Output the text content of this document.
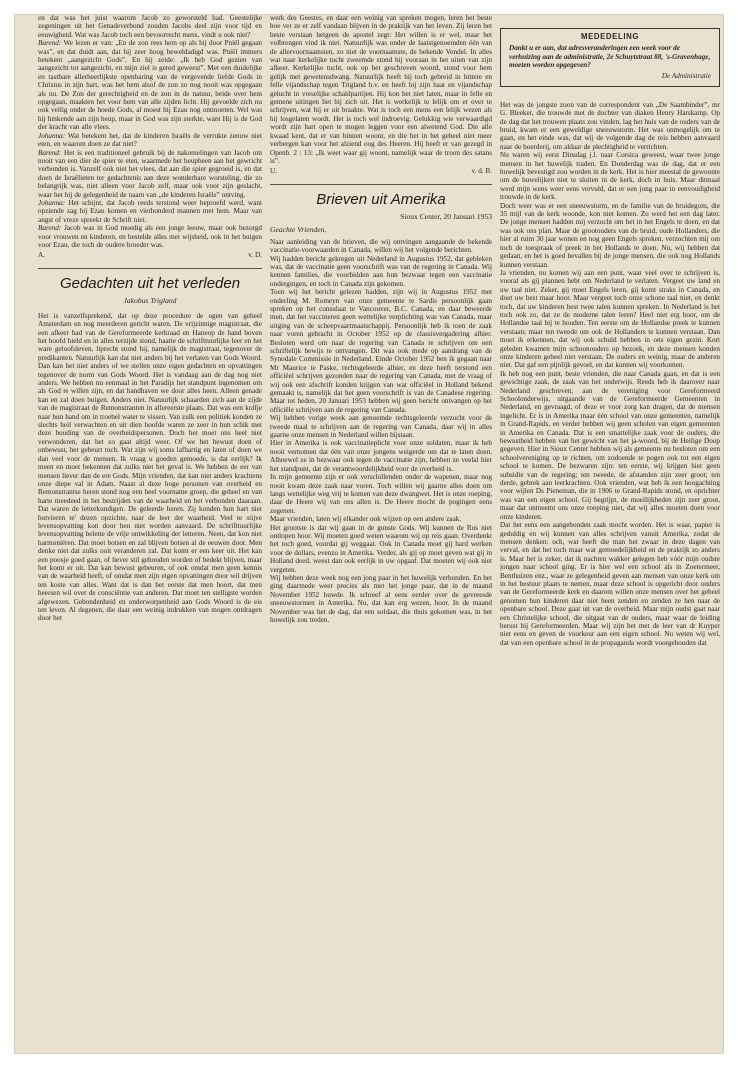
en dat was het juist waarom Jacob zo geworsteld had. Geestelijke zegeningen uit het Genadeverbond zouden Jacobs deel zijn voor tijd en eeuwigheid. Wat was Jacob toch een bevoorrecht mens, vindt u ook niet?

Barend: We lezen er van: „En de zon rees hem op als hij door Pniël gegaan was”, en dat duidt aan, dat hij zeer hoog beweldadigd was. Pniël immers betekent „aangezicht Gods”. En hij zeide: „Ik heb God gezien van aangezicht tot aangezicht, en mijn ziel is gered geweest”. Met een duidelijke en tastbare allerheerlijkste openbaring van de vergevende liefde Gods in Christus in zijn hart, was het hem alsof de zon zo nog nooit was opgegaan als nu. De Zon der gerechtigheid en de zon in de natuur, beide over hem opgegaan, maakten het voor hem van alle zijden licht. Hij gevoelde zich nu ook veilig onder de hoede Gods, al moest hij Ezau nog ontmoeten. Wel was hij hinkende aan zijn heup, maar in God was zijn sterkte, want Hij is de God der kracht van alle vlees.

Johanna: Wat betekent het, dat de kinderen Israëls de verrukte zenuw niet eten, en waarom doen ze dat niet?

Barend: Het is een traditioneel gebruik bij de nakomelingen van Jacob om nooit van een dier de spier te eten, waarmede het heupbeen aan het gewricht verbonden is. Vanzelf ook niet het vlees, dat aan die spier gegroeid is, en dat doen de Israëlieten ter gedachtenis aan deze wonderbare worsteling, die zo belangrijk was, niet alleen voor Jacob zelf, maar ook voor zijn geslacht, waar het hij de gelegenheid de naam van „de kinderen Israëls” ontving.

Johanna: Het schijnt, dat Jacob reeds terstond weer beproefd werd, want opziende zag hij Ezau komen en vierhonderd mannen met hem. Maar van angst of vreze spreekt de Schrift niet.

Barend: Jacob was in God moedig als een jonge leeuw, maar ook bezorgd voor vrouwen en kinderen, en bestelde alles met wijsheid, ook in het buigen voor Ezau, die toch de oudere broeder was.

A.	v. D.
Gedachten uit het verleden
Jakobus Trigland

Het is vanzelfsprekend, dat op deze procedure de ogen van geheel Amsterdam en nog meerderen gericht waren. De vrijzinnige magistraat, die een afkeer had van de Gereformeerde kerkraad en Haneop de hand boven het hoofd hield en in alles terzijde stond, haatte de schrifttuurlijke leer en het ware geloofsleven, liprecht stond hij, namelijk de magistraat, tegenover de predikanten. Natuurlijk kan dat niet anders bij het verlaten van Gods Woord. Dan kan het niet anders of we stellen onze eigen gedachten en opvattingen tegenover de norm van Gods Woord. Het is vandaag aan de dag nog niet anders. We hebben nu eenmaal in het Paradijs het standpunt ingenomen om als God te willen zijn, en dat handhaven we door alles heen. Alleen genade kan en zal doen buigen. Anders niet. Natuurlijk schaarden zich aan de zijde van de magistraat de Remonstranten in allereerste plaats. Dat was een kolfje naar hun hand om in troebel water te vissen. Van zulk een politiek konden ze slechts heil verwachten en uit dien hoofde waren ze zeer in hun schik met deze houding van de overheidspersonen. Doch het moet ons heel niet verwonderen, dat het zo gaat altijd weer. Of we het bewust doen of onbewust, het gebeurt toch. Wat zijn wij soms lafhartig en laten of doen we dan veel voor de mensen. Ik vraag u goeden gemoede, is dat eerlijk? Ik meen en moet bekennen dat zulks niet het geval is. We hebben de eer van mensen liever dan de ere Gods. Mijn vrienden, dat kan niet anders krachtens onze diepe val in Adam. Naast al deze hoge personen van overheid en Remonstrantse heren stond nog een heel voorname groep, die geheel en van harte meedeed in het bestrijden van de waarheid en het verbonden daaraan. Dat waren de letterkundigen. De geleerde heren. Zij konden hun hart niet botvieren te' dezen opzichte, naar de leer der waarheid. Veel te stijve levensopvatting kon door hen niet worden aanvaard. De schrifttuurlijke levensopvatting belette de vrije ontwikkeling der letteren. Neen, dat kon niet harmoniëren. Dat moet botsen en zal blijven botsen al de eeuwen door. Men denke niet dat zulks ooit veranderen zal. Dat komt er een keer uit. Het kan een poosje goed gaan, of liever stil gehouden worden of bedekt blijven, maar het komt er uit. Dat kan bewust gebeuren, of ook omdat men geen kennis van de waarheid heeft, of omdat men zijn eigen opvattingen door wil drijven ten koste van alles. Want dat is dan het eerste dat men hoort, dat men heersen wil over de consciëntie van anderen. Dat moet ten stelligste worden afgewezen. Gebondenheid en onderworpenheid aan Gods Woord is de eis ten leven. Al degenen, die daar een weinig indrukken van mogen ontdragen door het

werk des Geestes, en daar een weinig van spreken mogen, leren het beste hoe ver ze er zelf vandaan blijven in de praktijk van het leven. Zij leren het beste verstaan hetgeen de apostel zegt: Het willen is er wel, maar het volbrengen vind ik niet. Natuurlijk was onder de laatstgenoemden één van de allervoornaamsten, zo niet de voornaamste, de bekende Vondel. In alles wat naar kerkelijke tucht zweemde stond hij vooraan in het uiten van zijn afkeer. Kerkelijke tucht, ook op het geschreven woord, stond voor hem gelijk met gewetensdwang. Natuurlijk heeft hij toch gebreid in bittere en felle vijandschap tegen Trigland h.v. en heeft hij zijn haat en vijandschap gelucht in vreselijke schaldpartijen. Hij kon het niet laten, maar in felle en gemene uitingen liet hij zich uit. Het is werkelijk te lelijk om er over te schrijven, wat hij er uit braakte. Wat is toch een mens een lelijk wezen als hij losgelaten wordt. Het is toch wel indroevig. Gelukkig wie verwaardigd wordt zijn hart open te mogen leggen voor een alwetend God. Die alle kwaad kent, dat er van binnen woont, en die het in het geheel niet meer verbergen kan voor het alziend oog des Heeren. Hij heeft er van gezegd in Openb. 2 : 13: „Ik weet waar gij woont, namelijk waar de troon des satans is”.

U.	v. d. B.
Brieven uit Amerika
Sioux Center, 20 Januari 1953
Geachte Vrienden,

Naar aanleiding van de brieven, die wij ontvingen aangaande de bekende vaccinatie-voorwaarden in Canada, willen wij het volgende berichten.

Wij hadden bericht gekregen uit Nederland in Augustus 1952, dat gebleken was, dat de vaccinatie geen voorschrift was van de regering in Canada. Wij kennen families, die voorbidden aan hun bezwaar tegen een vaccinatie ondergingen, en toch in Canada zijn gekomen.

Toen wij het bericht gelezen hadden, zijn wij in Augustus 1952 met onderling M. Romeyn van onze gemeente te Sardis persoonlijk gaan spreken op het consulaat te Vancouver, B.C. Canada, en daar beweerde men, dat het vaccineren geen wettelijke verplichting was van Canada, maar uitging van de scheepvaartmaatschappij. Persoonlijk heb ik toen de zaak naar voren gebracht in October 1952 op de classisvergadering alhier. Besloten werd om naar de regering van Canada te schrijven om een schriftelijk bewijs te ontvangen. Dit was ook mede op aandrang van de Synodale Commissie in Nederland. Einde October 1952 ben ik gegaan naar Mr Maurice te Paske, rechtsgeleerde alhier, en deze heeft terstond een officiëel schrijven gezonden naar de regering van Canada, met de vraag of wij ook een afschrift konden krijgen van wat officiëel in Holland bekend gemaakt is, namelijk dat het geen voorschrift is van de Canadese regering. Maar tot heden, 20 Januari 1953 hebben wij geen bericht ontvangen op het officiële schrijven aan de regering van Canada.

Wij hebben vorige week aan genoemde rechtsgeleerde verzocht voor de tweede maal te schrijven aan de regering van Canada, daar wij in alles gaarne onze mensen in Nederland willen bijstaan.

Hier in Amerika is ook vaccinatieplicht voor onze soldaten, maar ik heb nooit vernomen dat één van onze jongens weigerde om dat te laten doen. Alhoewel ze in bezwaar ook tegen de vaccinatie zijn, hebben ze veelal hier het standpunt, dat de verantwoordelijkheid voor de overheid is.

In mijn gemeente zijn er ook verschillenden onder de wapenen, maar nog nooit kwam deze zaak naar voren. Toch willen wij gaarne alles doen om langs wettelijke weg vrij te komen van deze dwangwet. Het is onze roeping, daar de Heere wij van ons allen is. De Heere mocht de pogingen eens zegenen.

Maar vrienden, laten wij elkander ook wijzen op een andere zaak.

Het grootste is dat wij gaan in de gunste Gods. Wij kunnen de Rus niet ontlopen hoor. Wij moeten goed weten waarom wij op reis gaan. Overdenkt het toch goed, voordat gij weggaat. Ook in Canada moet gij hard werken voor de dollars, evenzo in Amerika. Verder, als gij op moet geven wat gij in Holland deed, weest dan ook eerlijk in uw opgaaf. Dat moeten wij ook niet vergeten.

Wij hebben deze week nog een jong paar in het huwelijk verbonden. En het ging daarmede weer precies als met het jonge paar, dat in de maand November 1952 huwde. Ik schreef al eens eerder over de gevreesde sneeuwstormen in Amerika. Nu, dat kan erg wezen, hoor. In de maand November was het de dag, dat een soldaat, die thuis gekomen was, in het huwelijk zou treden.

MEDEDELING

Dankt u er aan, dat adresveranderingen een week voor de verhuizing aan de administratie, 2e Schuytstraat 88, 's-Gravenhage, moeten worden opgegeven?

De Administratie

Het was de jongste zoon van de correspondent van „De Saambinder”, mr G. Bleeker, die trouwde met de dochter van diaken Henry Harskamp. Op de dag dat het trouwen plaats zou vinden, lag het huis van de ouders van de bruid, kwam er een geweldige sneeuwstorm. Het was onmogelijk om te gaan, en het einde was, dat wij de volgende dag de reis hebben aanvaard naar de boerderij, om aldaar de plechtigheid te verrichten.

Nu waren wij eerst Dinsdag j.l. naar Corsica geweest, waar twee jonge mensen in het huwelijk traden. En Donderdag was de dag, dat er een huwelijk bevestigd zou worden in de kerk. Het is hier meestal de gewoonte om de huwelijken niet te sluiten in de kerk, doch in huis. Maar ditmaal werd mijn wens weer eens vervuld, dat er een jong paar in eenvoudigheid trouwde in de kerk.

Doch weer was er een sneeuwstorm, en de familie van de bruidegom, die 35 mijl van de kerk woonde, kon niet komen. Zo werd het een dag later. De jonge mensen hadden mij verzocht om het in het Engels te doen, en dat was ook ons plan. Maar de grootouders van de bruid, oude Hollanders, die hier al ruim 30 jaar wonen en nog geen Engels spreken, verzochten mij om toch de toespraak of preek in het Hollands te doen. Nu, wij hebben dat gedaan, en het is goed bevallen bij de jonge mensen, die ook nog Hollands kunnen verstaan.

Ja vrienden, nu komen wij aan een punt, waar veel over te schrijven is, vooral als gij plannen hebt om Nederland te verlaten. Vergeet uw land en uw taal niet. Zeker, gij moet Engels leren, gij komt straks in Canada, en doet uw best maar hoor. Maar vergeet toch onze schone taal niet, en denkt toch, dat uw kinderen best twee talen kunnen spreken. In Nederland is het toch ook zo, dat ze de moderne talen leren? Heel niet erg hoor, om de Hollandse taal bij te houden. Ten eerste om de Hollandse preek te kunnen verstaan; maar ten tweede om ook de Hollanders te kunnen verstaan. Dan moet ik erkennen, dat wij ook schuld hebben in ons eigen gezin. Kort geleden kwamen mijn schoonouders op bezoek, en deze mensen konden onze kinderen geheel niet verstaan. De ouders en weinig, maar de anderen niet. Dat gaf een pijnlijk gevoel, en dat kunnen wij voorkomen.

Ik heb nog een punt, beste vrienden, die naar Canada gaan, en dat is een gewichtige zaak, de zaak van het onderwijs. Reeds heb ik daarover naar Nederland geschreven, aan de vereniging voor Gereformeerd Schoolonderwijs, uitgaande van de Gereformeerde Gemeenten in Nederland, en gevraagd, of deze er voor zorg kan dragen, dat de mensen ingelicht. Er is in Amerika maar één school van onze gemeenten, namelijk in Grand-Rapids, en verder hebben wij geen scholen van eigen gemeenten in Amerika en Canada. Dat is een smartelijke zaak voor de ouders, die bewustheid hebben van het gewicht van het ja-woord, bij de Heilige Doop gegeven. Hier in Sioux Center hebben wij als gemeente nu besloten om een schoolvereniging op te richten, om zodoende te pogen ook tot een eigen school te komen. De bezwaren zijn: ten eerste, wij krijgen hier geen subsidie van de regering; ten tweede, de afstanden zijn zeer groot; ten derde, gebrek aan leerkrachten. Ook vrienden, wat heb ik een hoogachting voor wijlen Ds Pieneman, die in 1906 te Grand-Rapids stond, en oprichter was van een eigen school. Gij begrijpt, de moeilijkheden zijn zeer groot, maar dat ontneemt ons onze roeping niet, dat wij alles moeten doen voor onze kinderen.

Dat het eens een aangebonden zaak mocht worden. Het is waar, papier is geduldig en wij kunnen van alles schrijven vanuit Amerika, zodat de mensen denken: och, wat heeft die man het zwaar in deze dagen van verval, en dat het toch maar wat gemoedelijkheid en de praktijk zo anders is. Maar het is zeker, dat ik nachten wakker gelegen heb vóór mijn oudste jongen naar school ging. Er is hier wel een school als in Zoetermeer, Benthuizen enz., waar ze gelegenheid geven aan mensen van onze kerk om in het bestuur plaats te nemen, maar deze school is opgericht door ouders van de Gereformeerde kerk en daarom willen onze mensen over het geheel genomen hun kinderen daar niet heen zenden en zenden ze hen naar de openbare school. Deze gaat uit van de overheid. Maar mijn oudst gaat naar een Christelijke school, die uitgaat van de ouders, maar waar de leiding berust bij Gereformeerden. Maar wij zijn het met de leer van dr Kuyper niet eens en geven de voorkeur aan een eigen school. Nu weten wij wel, dat van een openbare school in de propaganda wordt voorgehouden dat
